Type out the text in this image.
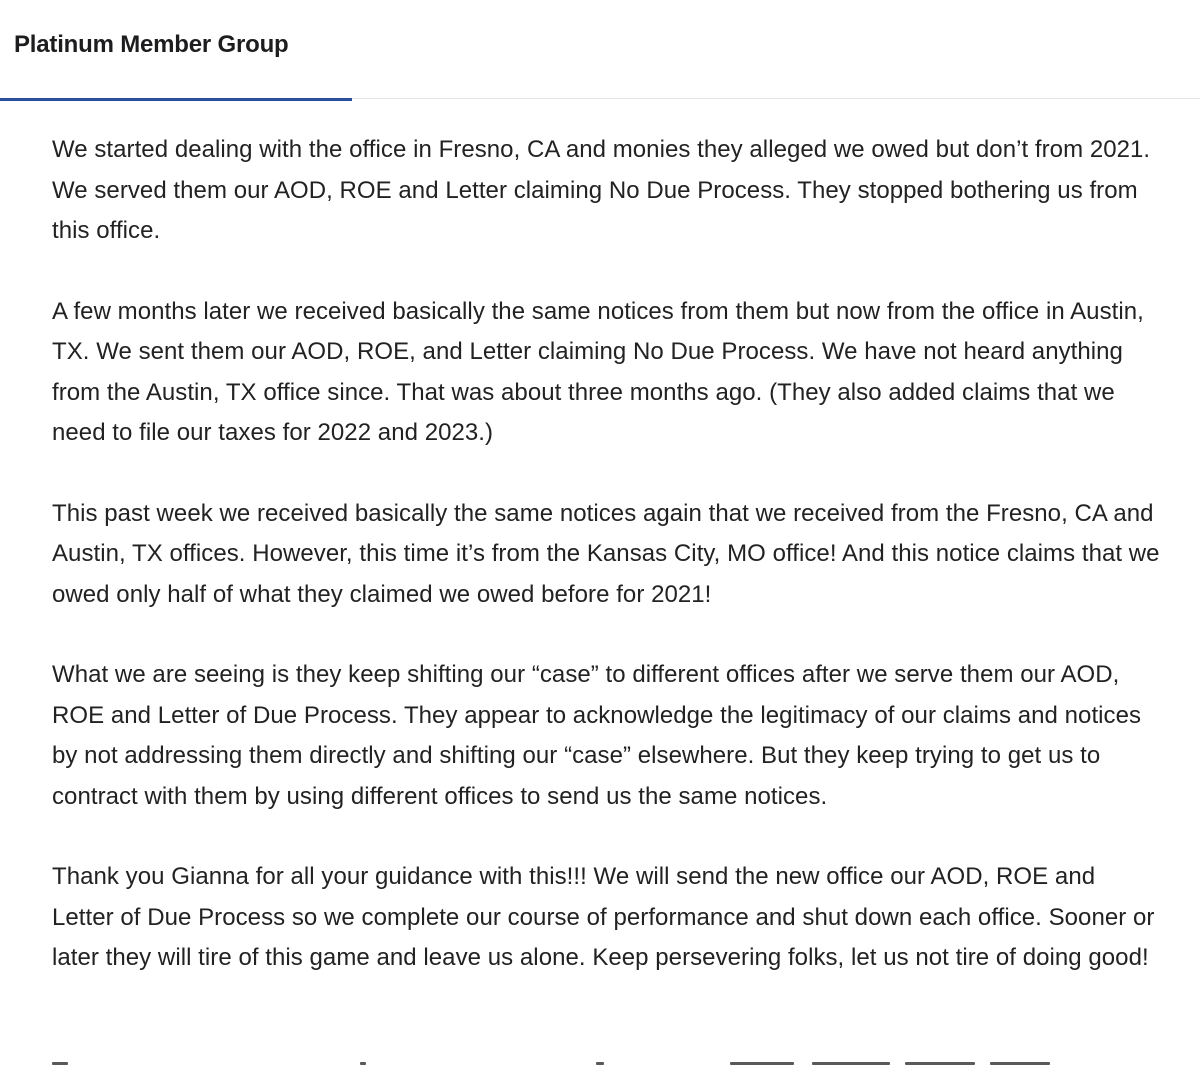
Platinum Member Group

We started dealing with the office in Fresno, CA and monies they alleged we owed but don’t from 2021. We served them our AOD, ROE and Letter claiming No Due Process. They stopped bothering us from this office.

A few months later we received basically the same notices from them but now from the office in Austin, TX. We sent them our AOD, ROE, and Letter claiming No Due Process. We have not heard anything from the Austin, TX office since. That was about three months ago. (They also added claims that we need to file our taxes for 2022 and 2023.)

This past week we received basically the same notices again that we received from the Fresno, CA and Austin, TX offices. However, this time it’s from the Kansas City, MO office! And this notice claims that we owed only half of what they claimed we owed before for 2021!

What we are seeing is they keep shifting our “case” to different offices after we serve them our AOD, ROE and Letter of Due Process. They appear to acknowledge the legitimacy of our claims and notices by not addressing them directly and shifting our “case” elsewhere. But they keep trying to get us to contract with them by using different offices to send us the same notices.

Thank you Gianna for all your guidance with this!!! We will send the new office our AOD, ROE and Letter of Due Process so we complete our course of performance and shut down each office. Sooner or later they will tire of this game and leave us alone. Keep persevering folks, let us not tire of doing good!
